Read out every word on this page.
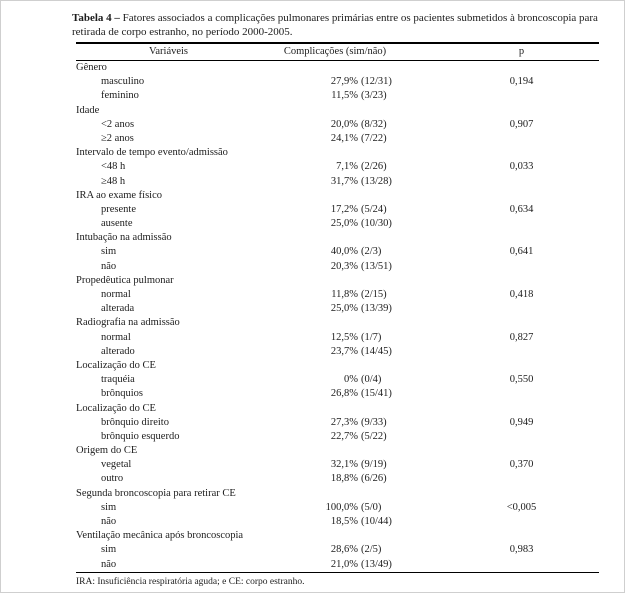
Tabela 4 – Fatores associados a complicações pulmonares primárias entre os pacientes submetidos à broncoscopia para
retirada de corpo estranho, no período 2000-2005.

Variáveis	Complicações (sim/não)	p
Gênero
masculino	27,9% (12/31)	0,194
feminino	11,5% (3/23)
Idade
<2 anos	20,0% (8/32)	0,907
≥2 anos	24,1% (7/22)
Intervalo de tempo evento/admissão
<48 h	7,1% (2/26)	0,033
≥48 h	31,7% (13/28)
IRA ao exame físico
presente	17,2% (5/24)	0,634
ausente	25,0% (10/30)
Intubação na admissão
sim	40,0% (2/3)	0,641
não	20,3% (13/51)
Propedêutica pulmonar
normal	11,8% (2/15)	0,418
alterada	25,0% (13/39)
Radiografia na admissão
normal	12,5% (1/7)	0,827
alterado	23,7% (14/45)
Localização do CE
traquéia	0% (0/4)	0,550
brônquios	26,8% (15/41)
Localização do CE
brônquio direito	27,3% (9/33)	0,949
brônquio esquerdo	22,7% (5/22)
Origem do CE
vegetal	32,1% (9/19)	0,370
outro	18,8% (6/26)
Segunda broncoscopia para retirar CE
sim	100,0% (5/0)	<0,005
não	18,5% (10/44)
Ventilação mecânica após broncoscopia
sim	28,6% (2/5)	0,983
não	21,0% (13/49)

IRA: Insuficiência respiratória aguda; e CE: corpo estranho.
